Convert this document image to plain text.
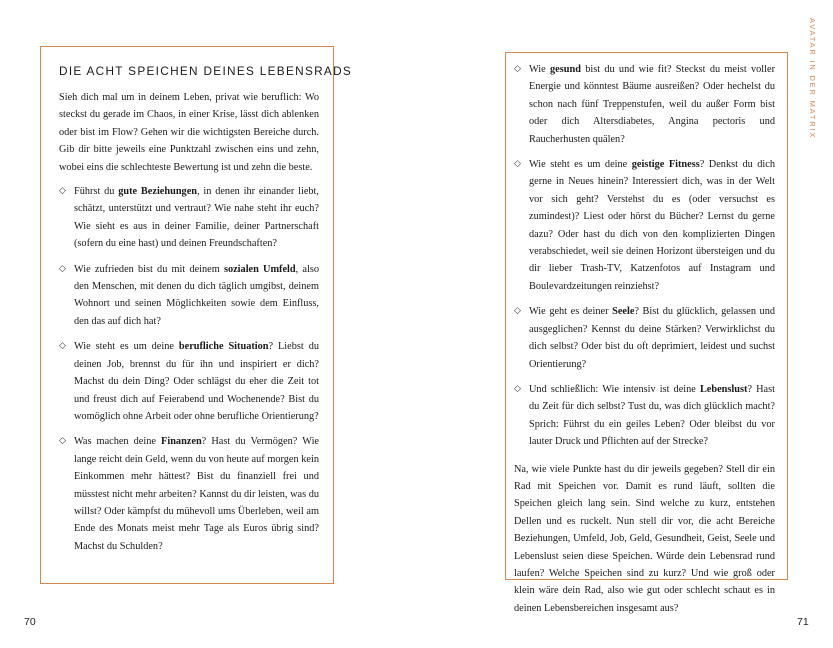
AVATAR IN DER MATRIX
DIE ACHT SPEICHEN DEINES LEBENSRADS

Sieh dich mal um in deinem Leben, privat wie beruflich: Wo steckst du gerade im Chaos, in einer Krise, lässt dich ablenken oder bist im Flow? Gehen wir die wichtigsten Bereiche durch. Gib dir bitte jeweils eine Punktzahl zwischen eins und zehn, wobei eins die schlechteste Bewertung ist und zehn die beste.

◇ Führst du gute Beziehungen, in denen ihr einander liebt, schätzt, unterstützt und vertraut? Wie nahe steht ihr euch? Wie sieht es aus in deiner Familie, deiner Partnerschaft (sofern du eine hast) und deinen Freundschaften?
◇ Wie zufrieden bist du mit deinem sozialen Umfeld, also den Menschen, mit denen du dich täglich umgibst, deinem Wohnort und seinen Möglichkeiten sowie dem Einfluss, den das auf dich hat?
◇ Wie steht es um deine berufliche Situation? Liebst du deinen Job, brennst du für ihn und inspiriert er dich? Machst du dein Ding? Oder schlägst du eher die Zeit tot und freust dich auf Feierabend und Wochenende? Bist du womöglich ohne Arbeit oder ohne berufliche Orientierung?
◇ Was machen deine Finanzen? Hast du Vermögen? Wie lange reicht dein Geld, wenn du von heute auf morgen kein Einkommen mehr hättest? Bist du finanziell frei und müsstest nicht mehr arbeiten? Kannst du dir leisten, was du willst? Oder kämpfst du mühevoll ums Überleben, weil am Ende des Monats meist mehr Tage als Euros übrig sind? Machst du Schulden?
◇ Wie gesund bist du und wie fit? Steckst du meist voller Energie und könntest Bäume ausreißen? Oder hechelst du schon nach fünf Treppenstufen, weil du außer Form bist oder dich Altersdiabetes, Angina pectoris und Raucherhusten quälen?
◇ Wie steht es um deine geistige Fitness? Denkst du dich gerne in Neues hinein? Interessiert dich, was in der Welt vor sich geht? Verstehst du es (oder versuchst es zumindest)? Liest oder hörst du Bücher? Lernst du gerne dazu? Oder hast du dich von den komplizierten Dingen verabschiedet, weil sie deinen Horizont übersteigen und du dir lieber Trash-TV, Katzenfotos auf Instagram und Boulevardzeitungen reinziehst?
◇ Wie geht es deiner Seele? Bist du glücklich, gelassen und ausgeglichen? Kennst du deine Stärken? Verwirklichst du dich selbst? Oder bist du oft deprimiert, leidest und suchst Orientierung?
◇ Und schließlich: Wie intensiv ist deine Lebenslust? Hast du Zeit für dich selbst? Tust du, was dich glücklich macht? Sprich: Führst du ein geiles Leben? Oder bleibst du vor lauter Druck und Pflichten auf der Strecke?

Na, wie viele Punkte hast du dir jeweils gegeben? Stell dir ein Rad mit Speichen vor. Damit es rund läuft, sollten die Speichen gleich lang sein. Sind welche zu kurz, entstehen Dellen und es ruckelt. Nun stell dir vor, die acht Bereiche Beziehungen, Umfeld, Job, Geld, Gesundheit, Geist, Seele und Lebenslust seien diese Speichen. Würde dein Lebensrad rund laufen? Welche Speichen sind zu kurz? Und wie groß oder klein wäre dein Rad, also wie gut oder schlecht schaut es in deinen Lebensbereichen insgesamt aus?

70	71
